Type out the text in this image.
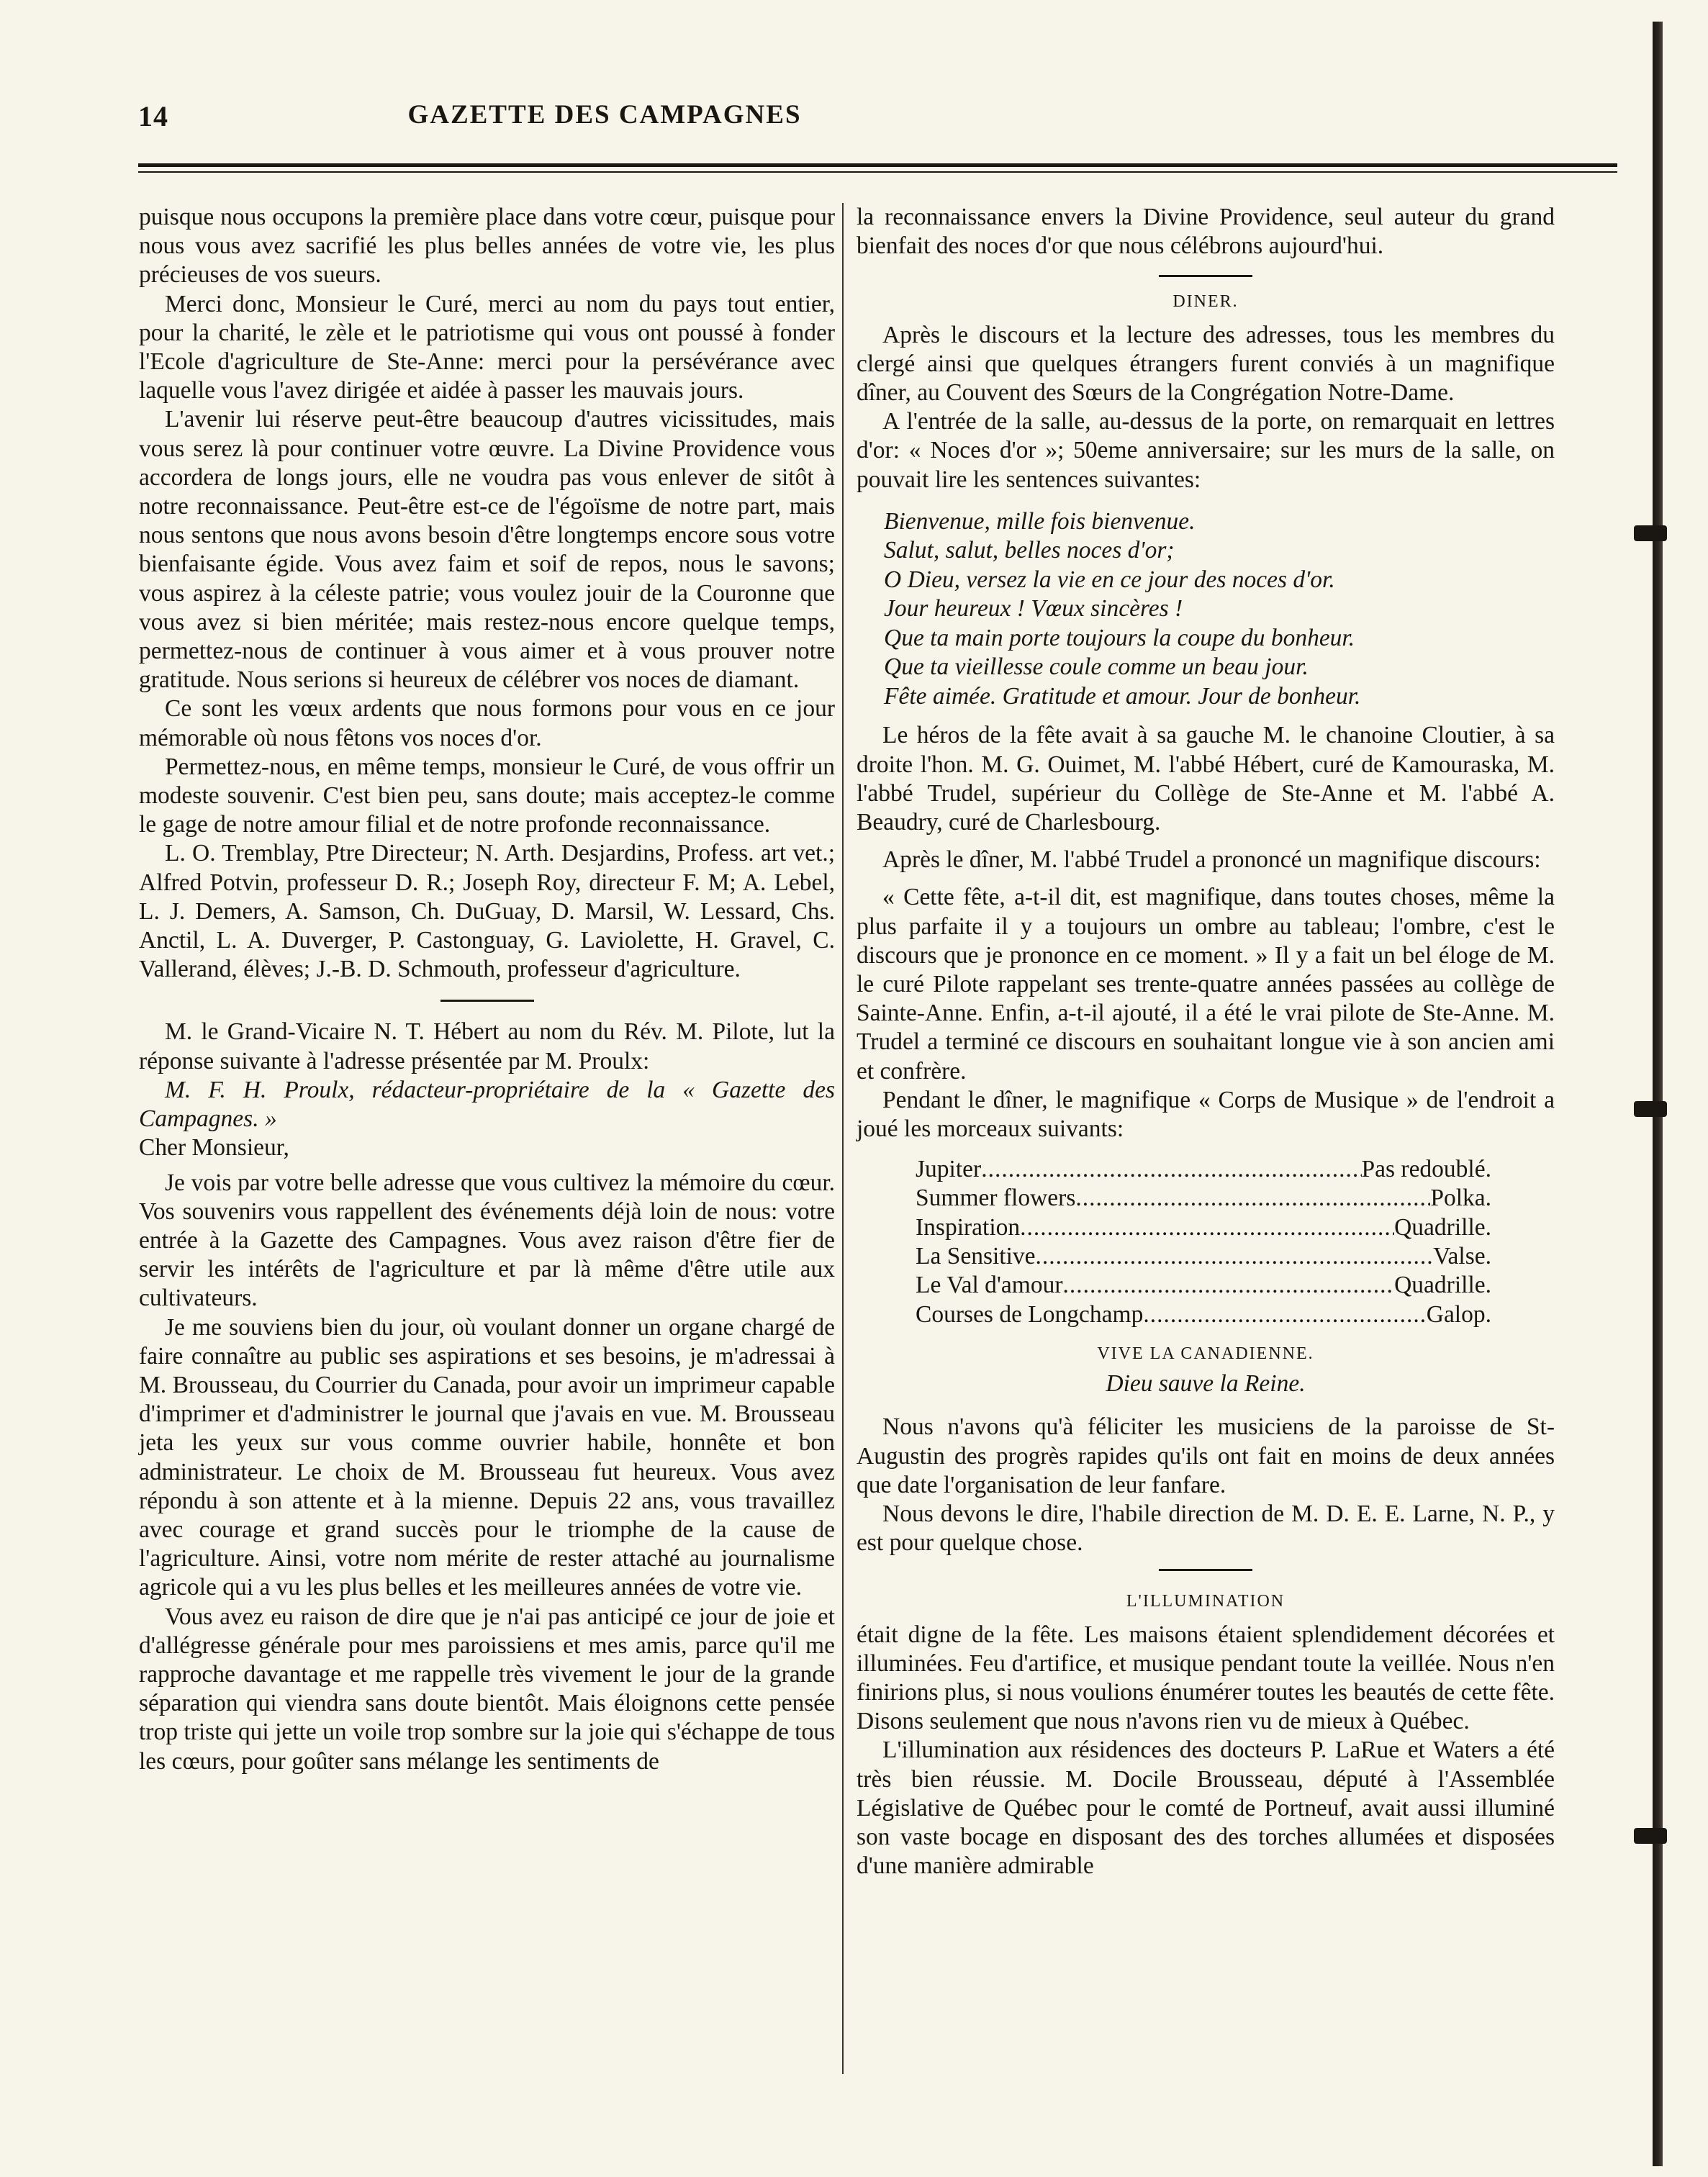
14	GAZETTE DES CAMPAGNES

puisque nous occupons la première place dans votre cœur, puisque pour nous vous avez sacrifié les plus belles années de votre vie, les plus précieuses de vos sueurs.

Merci donc, Monsieur le Curé, merci au nom du pays tout entier, pour la charité, le zèle et le patriotisme qui vous ont poussé à fonder l'Ecole d'agriculture de Ste-Anne: merci pour la persévérance avec laquelle vous l'avez dirigée et aidée à passer les mauvais jours.

L'avenir lui réserve peut-être beaucoup d'autres vicissitudes, mais vous serez là pour continuer votre œuvre. La Divine Providence vous accordera de longs jours, elle ne voudra pas vous enlever de sitôt à notre reconnaissance. Peut-être est-ce de l'égoïsme de notre part, mais nous sentons que nous avons besoin d'être longtemps encore sous votre bienfaisante égide. Vous avez faim et soif de repos, nous le savons; vous aspirez à la céleste patrie; vous voulez jouir de la Couronne que vous avez si bien méritée; mais restez-nous encore quelque temps, permettez-nous de continuer à vous aimer et à vous prouver notre gratitude. Nous serions si heureux de célébrer vos noces de diamant.

Ce sont les vœux ardents que nous formons pour vous en ce jour mémorable où nous fêtons vos noces d'or.

Permettez-nous, en même temps, monsieur le Curé, de vous offrir un modeste souvenir. C'est bien peu, sans doute; mais acceptez-le comme le gage de notre amour filial et de notre profonde reconnaissance.

L. O. Tremblay, Ptre Directeur; N. Arth. Desjardins, Profess. art vet.; Alfred Potvin, professeur D. R.; Joseph Roy, directeur F. M; A. Lebel, L. J. Demers, A. Samson, Ch. DuGuay, D. Marsil, W. Lessard, Chs. Anctil, L. A. Duverger, P. Castonguay, G. Laviolette, H. Gravel, C. Vallerand, élèves; J.-B. D. Schmouth, professeur d'agriculture.

M. le Grand-Vicaire N. T. Hébert au nom du Rév. M. Pilote, lut la réponse suivante à l'adresse présentée par M. Proulx:

M. F. H. Proulx, rédacteur-propriétaire de la « Gazette des Campagnes. »

Cher Monsieur,

Je vois par votre belle adresse que vous cultivez la mémoire du cœur. Vos souvenirs vous rappellent des événements déjà loin de nous: votre entrée à la Gazette des Campagnes. Vous avez raison d'être fier de servir les intérêts de l'agriculture et par là même d'être utile aux cultivateurs.

Je me souviens bien du jour, où voulant donner un organe chargé de faire connaître au public ses aspirations et ses besoins, je m'adressai à M. Brousseau, du Courrier du Canada, pour avoir un imprimeur capable d'imprimer et d'administrer le journal que j'avais en vue. M. Brousseau jeta les yeux sur vous comme ouvrier habile, honnête et bon administrateur. Le choix de M. Brousseau fut heureux. Vous avez répondu à son attente et à la mienne. Depuis 22 ans, vous travaillez avec courage et grand succès pour le triomphe de la cause de l'agriculture. Ainsi, votre nom mérite de rester attaché au journalisme agricole qui a vu les plus belles et les meilleures années de votre vie.

Vous avez eu raison de dire que je n'ai pas anticipé ce jour de joie et d'allégresse générale pour mes paroissiens et mes amis, parce qu'il me rapproche davantage et me rappelle très vivement le jour de la grande séparation qui viendra sans doute bientôt. Mais éloignons cette pensée trop triste qui jette un voile trop sombre sur la joie qui s'échappe de tous les cœurs, pour goûter sans mélange les sentiments de

la reconnaissance envers la Divine Providence, seul auteur du grand bienfait des noces d'or que nous célébrons aujourd'hui.

DINER.

Après le discours et la lecture des adresses, tous les membres du clergé ainsi que quelques étrangers furent conviés à un magnifique dîner, au Couvent des Sœurs de la Congrégation Notre-Dame.

A l'entrée de la salle, au-dessus de la porte, on remarquait en lettres d'or: « Noces d'or »; 50eme anniversaire; sur les murs de la salle, on pouvait lire les sentences suivantes:

Bienvenue, mille fois bienvenue.
Salut, salut, belles noces d'or;
O Dieu, versez la vie en ce jour des noces d'or.
Jour heureux ! Vœux sincères !
Que ta main porte toujours la coupe du bonheur.
Que ta vieillesse coule comme un beau jour.
Fête aimée. Gratitude et amour. Jour de bonheur.

Le héros de la fête avait à sa gauche M. le chanoine Cloutier, à sa droite l'hon. M. G. Ouimet, M. l'abbé Hébert, curé de Kamouraska, M. l'abbé Trudel, supérieur du Collège de Ste-Anne et M. l'abbé A. Beaudry, curé de Charlesbourg.

Après le dîner, M. l'abbé Trudel a prononcé un magnifique discours:

« Cette fête, a-t-il dit, est magnifique, dans toutes choses, même la plus parfaite il y a toujours un ombre au tableau; l'ombre, c'est le discours que je prononce en ce moment. » Il y a fait un bel éloge de M. le curé Pilote rappelant ses trente-quatre années passées au collège de Sainte-Anne. Enfin, a-t-il ajouté, il a été le vrai pilote de Ste-Anne. M. Trudel a terminé ce discours en souhaitant longue vie à son ancien ami et confrère.

Pendant le dîner, le magnifique « Corps de Musique » de l'endroit a joué les morceaux suivants:

Jupiter .....	Pas redoublé.
Summer flowers .....	Polka.
Inspiration .....	Quadrille.
La Sensitive .....	Valse.
Le Val d'amour .....	Quadrille.
Courses de Longchamp .....	Galop.
VIVE LA CANADIENNE.
Dieu sauve la Reine.

Nous n'avons qu'à féliciter les musiciens de la paroisse de St-Augustin des progrès rapides qu'ils ont fait en moins de deux années que date l'organisation de leur fanfare.

Nous devons le dire, l'habile direction de M. D. E. E. Larne, N. P., y est pour quelque chose.

L'ILLUMINATION

était digne de la fête. Les maisons étaient splendidement décorées et illuminées. Feu d'artifice, et musique pendant toute la veillée. Nous n'en finirions plus, si nous voulions énumérer toutes les beautés de cette fête. Disons seulement que nous n'avons rien vu de mieux à Québec.

L'illumination aux résidences des docteurs P. LaRue et Waters a été très bien réussie. M. Docile Brousseau, député à l'Assemblée Législative de Québec pour le comté de Portneuf, avait aussi illuminé son vaste bocage en disposant des des torches allumées et disposées d'une manière admirable
